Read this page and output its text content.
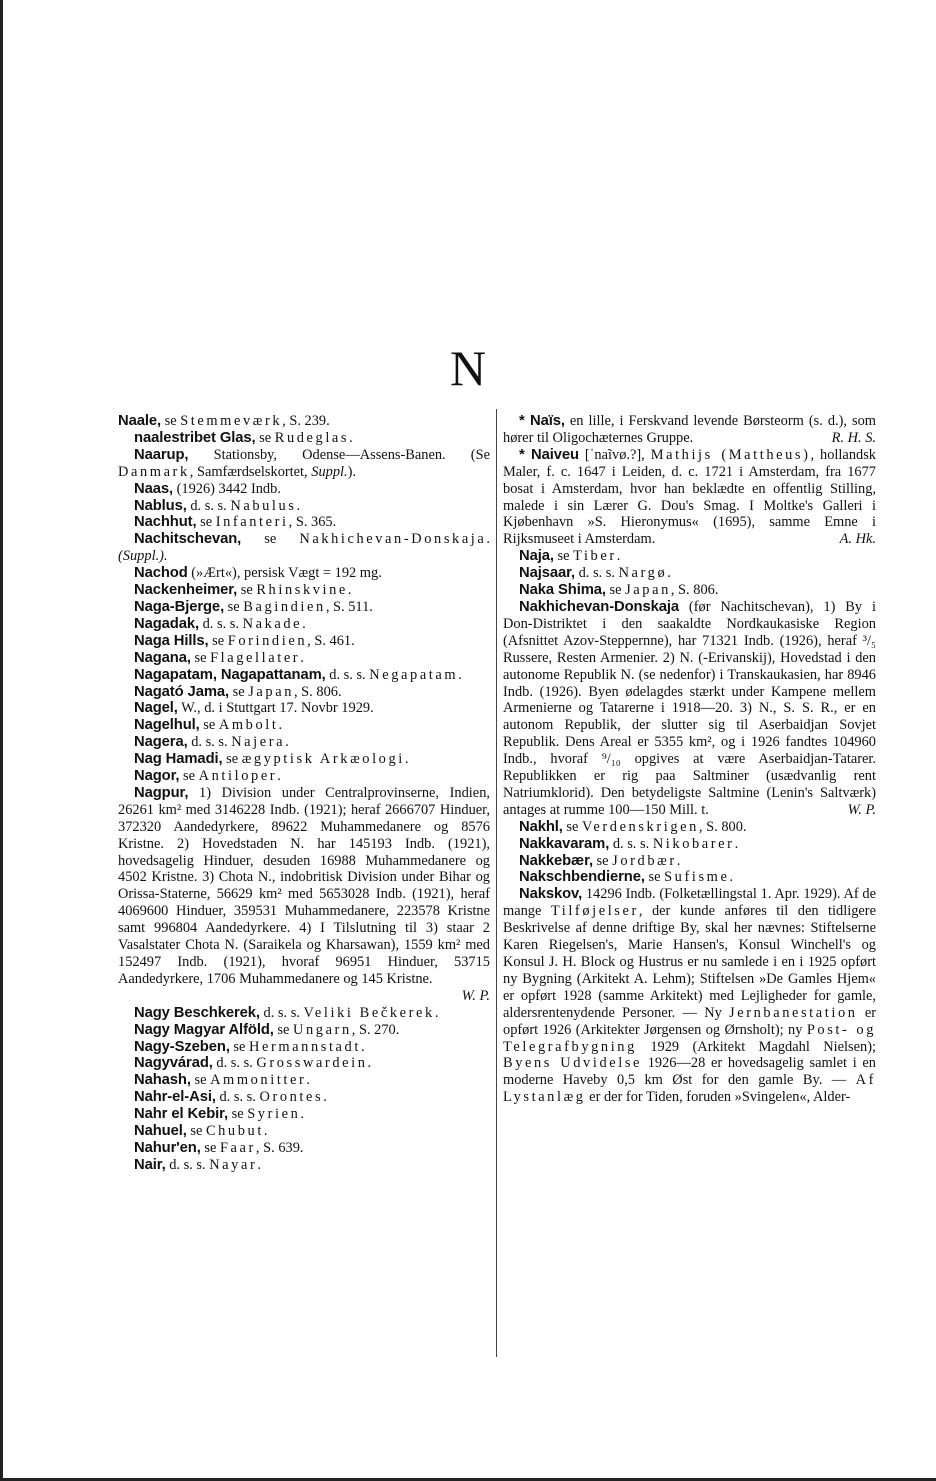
N

Naale, se Stemmeværk, S. 239.

naalestribet Glas, se Rudeglas.

Naarup, Stationsby, Odense—Assens-Banen. (Se Danmark, Samfærdselskortet, Suppl.).

Naas, (1926) 3442 Indb.

Nablus, d. s. s. Nabulus.

Nachhut, se Infanteri, S. 365.

Nachitschevan, se Nakhichevan-Donskaja. (Suppl.).

Nachod (»Ært«), persisk Vægt = 192 mg.

Nackenheimer, se Rhinskvine.

Naga-Bjerge, se Bagindien, S. 511.

Nagadak, d. s. s. Nakade.

Naga Hills, se Forindien, S. 461.

Nagana, se Flagellater.

Nagapatam, Nagapattanam, d. s. s. Negapatam.

Nagató Jama, se Japan, S. 806.

Nagel, W., d. i Stuttgart 17. Novbr 1929.

Nagelhul, se Ambolt.

Nagera, d. s. s. Najera.

Nag Hamadi, se ægyptisk Arkæologi.

Nagor, se Antiloper.

Nagpur, 1) Division under Centralprovinserne, Indien, 26261 km² med 3146228 Indb. (1921); heraf 2666707 Hinduer, 372320 Aandedyrkere, 89622 Muhammedanere og 8576 Kristne. 2) Hovedstaden N. har 145193 Indb. (1921), hovedsagelig Hinduer, desuden 16988 Muhammedanere og 4502 Kristne. 3) Chota N., indobritisk Division under Bihar og Orissa-Staterne, 56629 km² med 5653028 Indb. (1921), heraf 4069600 Hinduer, 359531 Muhammedanere, 223578 Kristne samt 996804 Aandedyrkere. 4) I Tilslutning til 3) staar 2 Vasalstater Chota N. (Saraikela og Kharsawan), 1559 km² med 152497 Indb. (1921), hvoraf 96951 Hinduer, 53715 Aandedyrkere, 1706 Muhammedanere og 145 Kristne.

W. P.

Nagy Beschkerek, d. s. s. Veliki Bečkerek.

Nagy Magyar Alföld, se Ungarn, S. 270.

Nagy-Szeben, se Hermannstadt.

Nagyvárad, d. s. s. Grosswardein.

Nahash, se Ammonitter.

Nahr-el-Asi, d. s. s. Orontes.

Nahr el Kebir, se Syrien.

Nahuel, se Chubut.

Nahur'en, se Faar, S. 639.

Nair, d. s. s. Nayar.

* Naïs, en lille, i Ferskvand levende Børsteorm (s. d.), som hører til Oligochæternes Gruppe.	R. H. S.

* Naiveu [ˈnaĩvø.?], Mathijs (Mattheus), hollandsk Maler, f. c. 1647 i Leiden, d. c. 1721 i Amsterdam, fra 1677 bosat i Amsterdam, hvor han beklædte en offentlig Stilling, malede i sin Lærer G. Dou's Smag. I Moltke's Galleri i Kjøbenhavn »S. Hieronymus« (1695), samme Emne i Rijksmuseet i Amsterdam.	A. Hk.

Naja, se Tiber.

Najsaar, d. s. s. Nargø.

Naka Shima, se Japan, S. 806.

Nakhichevan-Donskaja (før Nachitschevan), 1) By i Don-Distriktet i den saakaldte Nordkaukasiske Region (Afsnittet Azov-Steppernne), har 71321 Indb. (1926), heraf ³/₅ Russere, Resten Armenier. 2) N. (-Erivanskij), Hovedstad i den autonome Republik N. (se nedenfor) i Transkaukasien, har 8946 Indb. (1926). Byen ødelagdes stærkt under Kampene mellem Armenierne og Tatarerne i 1918—20. 3) N., S. S. R., er en autonom Republik, der slutter sig til Aserbaidjan Sovjet Republik. Dens Areal er 5355 km², og i 1926 fandtes 104960 Indb., hvoraf ⁹/₁₀ opgives at være Aserbaidjan-Tatarer. Republikken er rig paa Saltminer (usædvanlig rent Natriumklorid). Den betydeligste Saltmine (Lenin's Saltværk) antages at rumme 100—150 Mill. t.	W. P.

Nakhl, se Verdenskrigen, S. 800.

Nakkavaram, d. s. s. Nikobarer.

Nakkebær, se Jordbær.

Nakschbendierne, se Sufisme.

Nakskov, 14296 Indb. (Folketællingstal 1. Apr. 1929). Af de mange Tilføjelser, der kunde anføres til den tidligere Beskrivelse af denne driftige By, skal her nævnes: Stiftelserne Karen Riegelsen's, Marie Hansen's, Konsul Winchell's og Konsul J. H. Block og Hustrus er nu samlede i en i 1925 opført ny Bygning (Arkitekt A. Lehm); Stiftelsen »De Gamles Hjem« er opført 1928 (samme Arkitekt) med Lejligheder for gamle, aldersrentenydende Personer. — Ny Jernbanestation er opført 1926 (Arkitekter Jørgensen og Ørnsholt); ny Post- og Telegrafbygning 1929 (Arkitekt Magdahl Nielsen); Byens Udvidelse 1926—28 er hovedsagelig samlet i en moderne Haveby 0,5 km Øst for den gamle By. — Af Lystanlæg er der for Tiden, foruden »Svingelen«, Alder-
